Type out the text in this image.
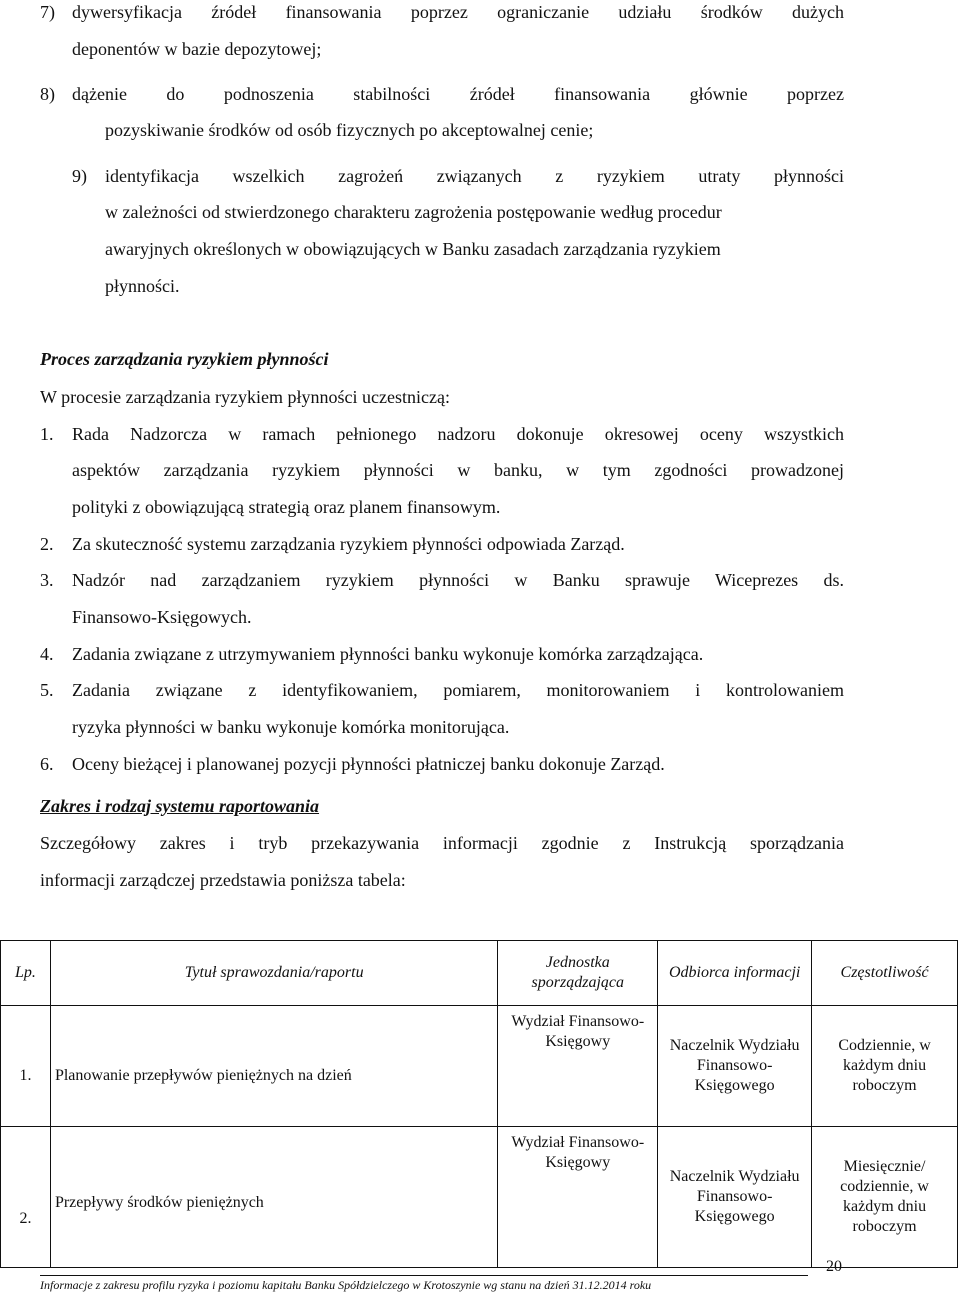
7) dywersyfikacja źródeł finansowania poprzez ograniczanie udziału środków dużych
deponentów w bazie depozytowej;
8) dążenie do podnoszenia stabilności źródeł finansowania głównie poprzez
pozyskiwanie środków od osób fizycznych po akceptowalnej cenie;
9) identyfikacja wszelkich zagrożeń związanych z ryzykiem utraty płynności
w zależności od stwierdzonego charakteru zagrożenia postępowanie według procedur
awaryjnych określonych w obowiązujących w Banku zasadach zarządzania ryzykiem
płynności.
Proces zarządzania ryzykiem płynności
W procesie zarządzania ryzykiem płynności uczestniczą:
1. Rada Nadzorcza w ramach pełnionego nadzoru dokonuje okresowej oceny wszystkich
aspektów zarządzania ryzykiem płynności w banku, w tym zgodności prowadzonej
polityki z obowiązującą strategią oraz planem finansowym.
2. Za skuteczność systemu zarządzania ryzykiem płynności odpowiada Zarząd.
3. Nadzór nad zarządzaniem ryzykiem płynności w Banku sprawuje Wiceprezes ds.
Finansowo-Księgowych.
4. Zadania związane z utrzymywaniem płynności banku wykonuje komórka zarządzająca.
5. Zadania związane z identyfikowaniem, pomiarem, monitorowaniem i kontrolowaniem
ryzyka płynności w banku wykonuje komórka monitorująca.
6. Oceny bieżącej i planowanej pozycji płynności płatniczej banku dokonuje Zarząd.
Zakres i rodzaj systemu raportowania
Szczegółowy zakres i tryb przekazywania informacji zgodnie z Instrukcją sporządzania
informacji zarządczej przedstawia poniższa tabela:
Lp.	Tytuł sprawozdania/raportu	Jednostka sporządzająca	Odbiorca informacji	Częstotliwość
1.	Planowanie przepływów pieniężnych na dzień	Wydział Finansowo-Księgowy	Naczelnik Wydziału Finansowo-Księgowego	Codziennie, w każdym dniu roboczym
2.	Przepływy środków pieniężnych	Wydział Finansowo-Księgowy	Naczelnik Wydziału Finansowo-Księgowego	Miesięcznie/ codziennie, w każdym dniu roboczym
20
Informacje z zakresu profilu ryzyka i poziomu kapitału Banku Spółdzielczego w Krotoszynie wg stanu na dzień 31.12.2014 roku
